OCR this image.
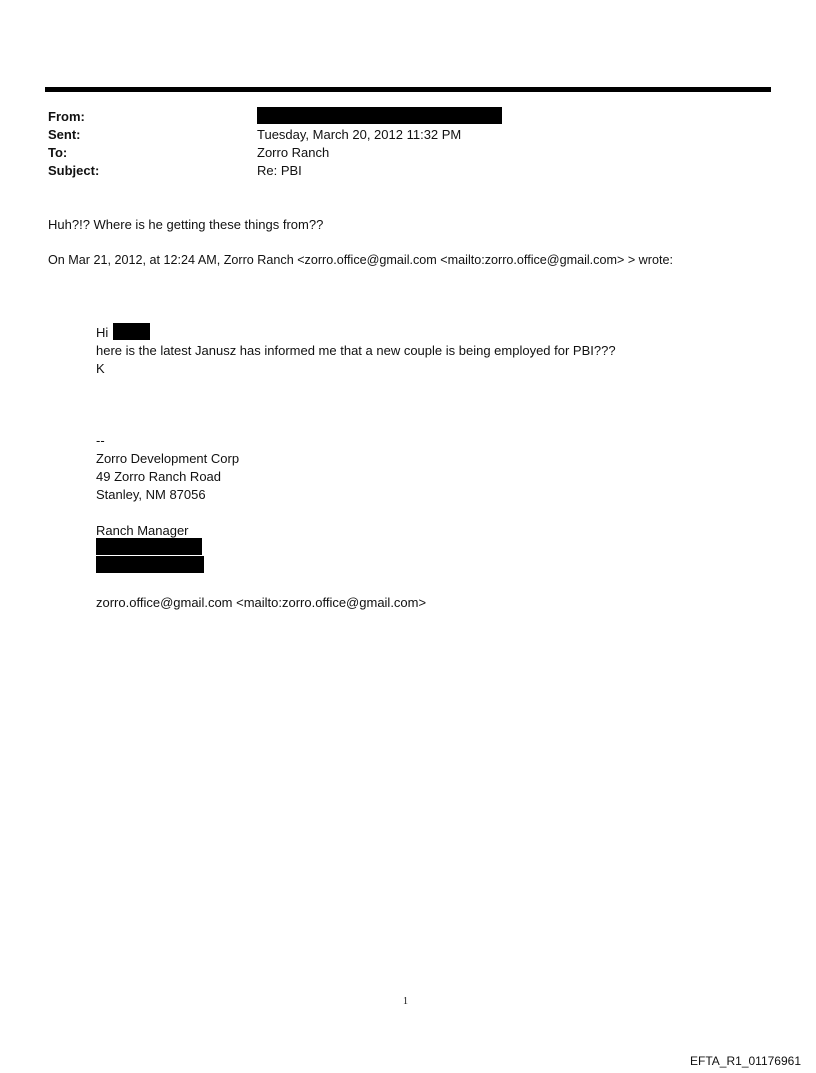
From:
Sent:	Tuesday, March 20, 2012 11:32 PM
To:	Zorro Ranch
Subject:	Re: PBI
Huh?!? Where is he getting these things from??
On Mar 21, 2012, at 12:24 AM, Zorro Ranch <zorro.office@gmail.com <mailto:zorro.office@gmail.com> > wrote:
Hi
here is the latest Janusz has informed me that a new couple is being employed for PBI???
K
--
Zorro Development Corp
49 Zorro Ranch Road
Stanley, NM 87056
Ranch Manager
zorro.office@gmail.com <mailto:zorro.office@gmail.com>
1
EFTA_R1_01176961
